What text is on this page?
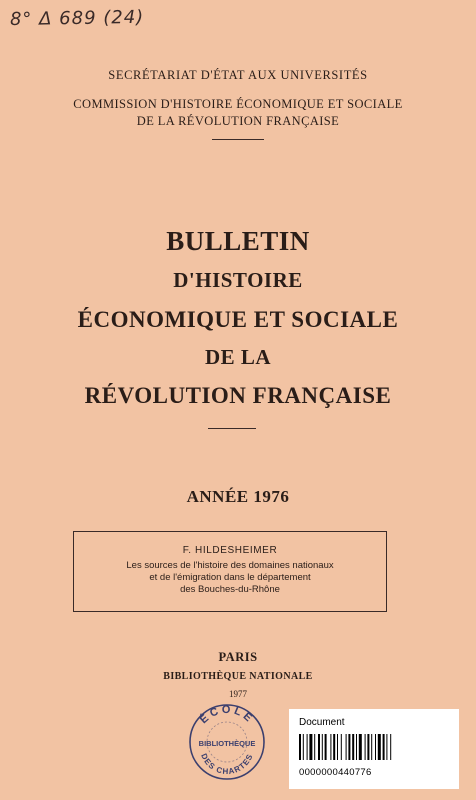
8° Δ 689 (24)
SECRÉTARIAT D'ÉTAT AUX UNIVERSITÉS
COMMISSION D'HISTOIRE ÉCONOMIQUE ET SOCIALE
DE LA RÉVOLUTION FRANÇAISE
BULLETIN
D'HISTOIRE
ÉCONOMIQUE ET SOCIALE
DE LA
RÉVOLUTION FRANÇAISE
ANNÉE 1976
F. HILDESHEIMER
Les sources de l'histoire des domaines nationaux
et de l'émigration dans le département
des Bouches-du-Rhône
PARIS
BIBLIOTHÈQUE NATIONALE
1977
ÉCOLE
BIBLIOTHÈQUE
DES CHARTES
Document
0000000440776
